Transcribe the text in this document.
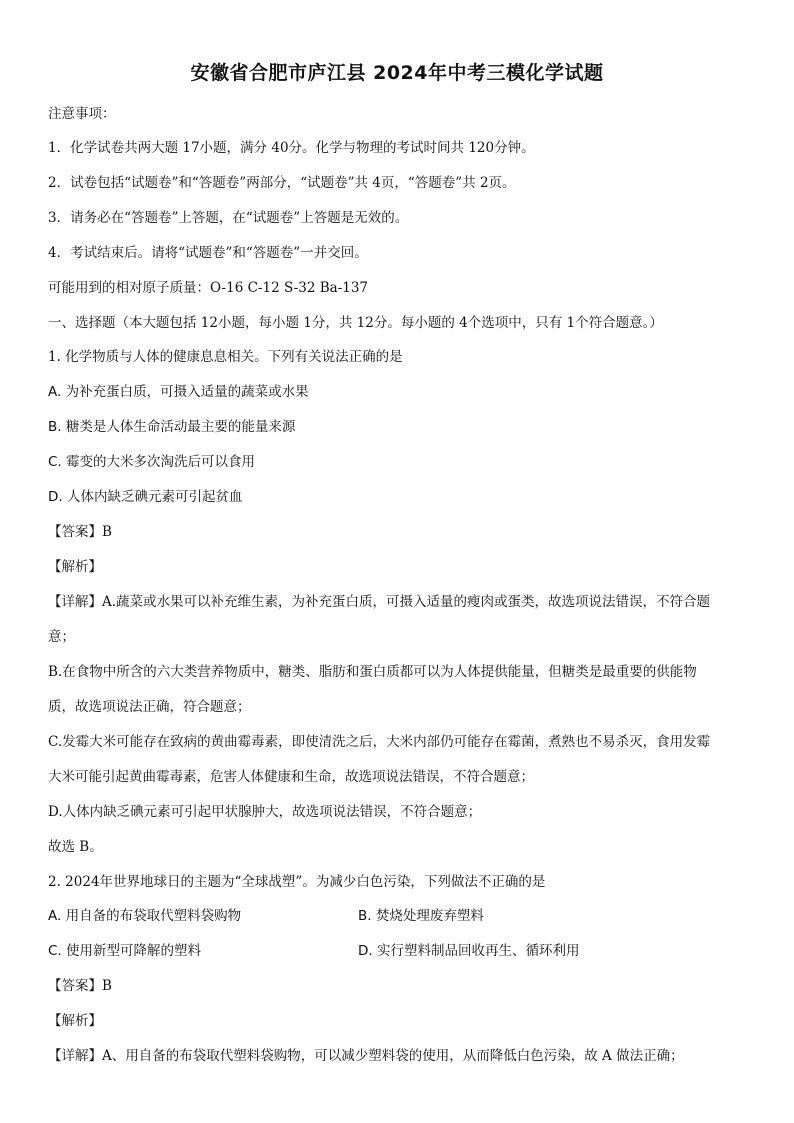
安徽省合肥市庐江县 2024年中考三模化学试题
注意事项：
1．化学试卷共两大题 17小题，满分 40分。化学与物理的考试时间共 120分钟。
2．试卷包括“试题卷”和“答题卷”两部分，“试题卷”共 4页，“答题卷”共 2页。
3．请务必在“答题卷”上答题，在“试题卷”上答题是无效的。
4．考试结束后。请将“试题卷”和“答题卷”一并交回。
可能用到的相对原子质量：O-16 C-12 S-32 Ba-137
一、选择题（本大题包括 12小题，每小题 1分，共 12分。每小题的 4个选项中，只有 1个符合题意。）
1. 化学物质与人体的健康息息相关。下列有关说法正确的是
A. 为补充蛋白质，可摄入适量的蔬菜或水果
B. 糖类是人体生命活动最主要的能量来源
C. 霉变的大米多次淘洗后可以食用
D. 人体内缺乏碘元素可引起贫血
【答案】B
【解析】
【详解】A.蔬菜或水果可以补充维生素，为补充蛋白质，可摄入适量的瘦肉或蛋类，故选项说法错误，不符合题
意；
B.在食物中所含的六大类营养物质中，糖类、脂肪和蛋白质都可以为人体提供能量，但糖类是最重要的供能物
质，故选项说法正确，符合题意；
C.发霉大米可能存在致病的黄曲霉毒素，即使清洗之后，大米内部仍可能存在霉菌，煮熟也不易杀灭，食用发霉
大米可能引起黄曲霉毒素，危害人体健康和生命，故选项说法错误，不符合题意；
D.人体内缺乏碘元素可引起甲状腺肿大，故选项说法错误，不符合题意；
故选 B。
2. 2024年世界地球日的主题为“全球战塑”。为减少白色污染，下列做法不正确的是
A. 用自备的布袋取代塑料袋购物	B. 焚烧处理废弃塑料
C. 使用新型可降解的塑料	D. 实行塑料制品回收再生、循环利用
【答案】B
【解析】
【详解】A、用自备的布袋取代塑料袋购物，可以减少塑料袋的使用，从而降低白色污染，故 A 做法正确；
